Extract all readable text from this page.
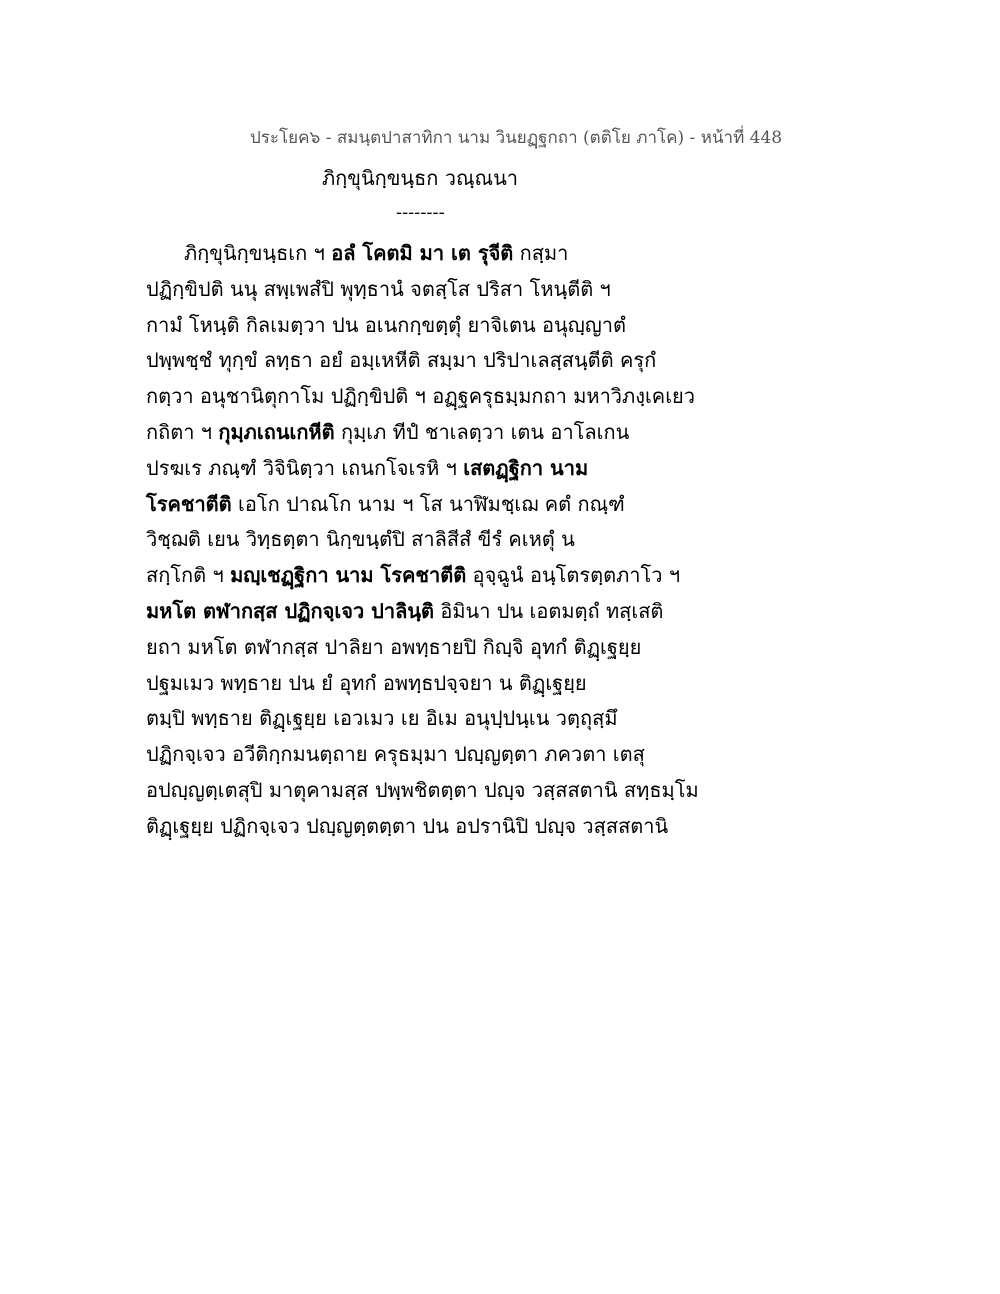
ประโยค๖ - สมนฺตปาสาทิกา นาม วินยฏฺฐกถา (ตติโย ภาโค) - หน้าที่ 448
ภิกฺขุนิกฺขนฺธก วณฺณนา
--------
ภิกฺขุนิกฺขนฺธเก ฯ อลํ โคตมิ มา เต รุจีติ กสฺมา
ปฏิกฺขิปติ นนุ สพฺเพสํปิ พุทฺธานํ จตสฺโส ปริสา โหนฺตีติ ฯ
กามํ โหนฺติ กิลเมตฺวา ปน อเนกกฺขตฺตุํ ยาจิเตน อนุญฺญาตํ
ปพฺพชฺชํ ทุกฺขํ ลทฺธา อยํ อมฺเหหีติ สมฺมา ปริปาเลสฺสนฺตีติ ครุกํ
กตฺวา อนุชานิตุกาโม ปฏิกฺขิปติ ฯ อฏฺฐครุธมฺมกถา มหาวิภงฺเคเยว
กถิตา ฯ กุมฺภเถนเกหีติ กุมฺเภ ทีปํ ชาเลตฺวา เตน อาโลเกน
ปรฆเร ภณฺฑํ วิจินิตฺวา เถนกโจเรหิ ฯ เสตฏฺฐิกา นาม
โรคชาตีติ เอโก ปาณโก นาม ฯ โส นาฬิมชฺเฌ คตํ กณฺฑํ
วิชฺฌติ เยน วิทฺธตฺตา นิกฺขนฺตํปิ สาลิสีสํ ขีรํ คเหตุํ น
สกฺโกติ ฯ มญฺเชฏฺฐิกา นาม โรคชาตีติ อุจฺฉูนํ อนฺโตรตฺตภาโว ฯ
มหโต ตฬากสฺส ปฏิกจฺเจว ปาลินฺติ อิมินา ปน เอตมตฺถํ ทสฺเสติ
ยถา มหโต ตฬากสฺส ปาลิยา อพทฺธายปิ กิญฺจิ อุทกํ ติฏฺเฐยฺย
ปฐมเมว พทฺธาย ปน ยํ อุทกํ อพทฺธปจฺจยา น ติฏฺเฐยฺย
ตมฺปิ พทฺธาย ติฏฺเฐยฺย เอวเมว เย อิเม อนุปฺปนฺเน วตฺถุสฺมึ
ปฏิกจฺเจว อวีติกฺกมนตฺถาย ครุธมฺมา ปญฺญตฺตา ภควตา เตสุ
อปญฺญตฺเตสุปิ มาตุคามสฺส ปพฺพชิตตฺตา ปญฺจ วสฺสสตานิ สทฺธมฺโม
ติฏฺเฐยฺย ปฏิกจฺเจว ปญฺญตฺตตฺตา ปน อปรานิปิ ปญฺจ วสฺสสตานิ
